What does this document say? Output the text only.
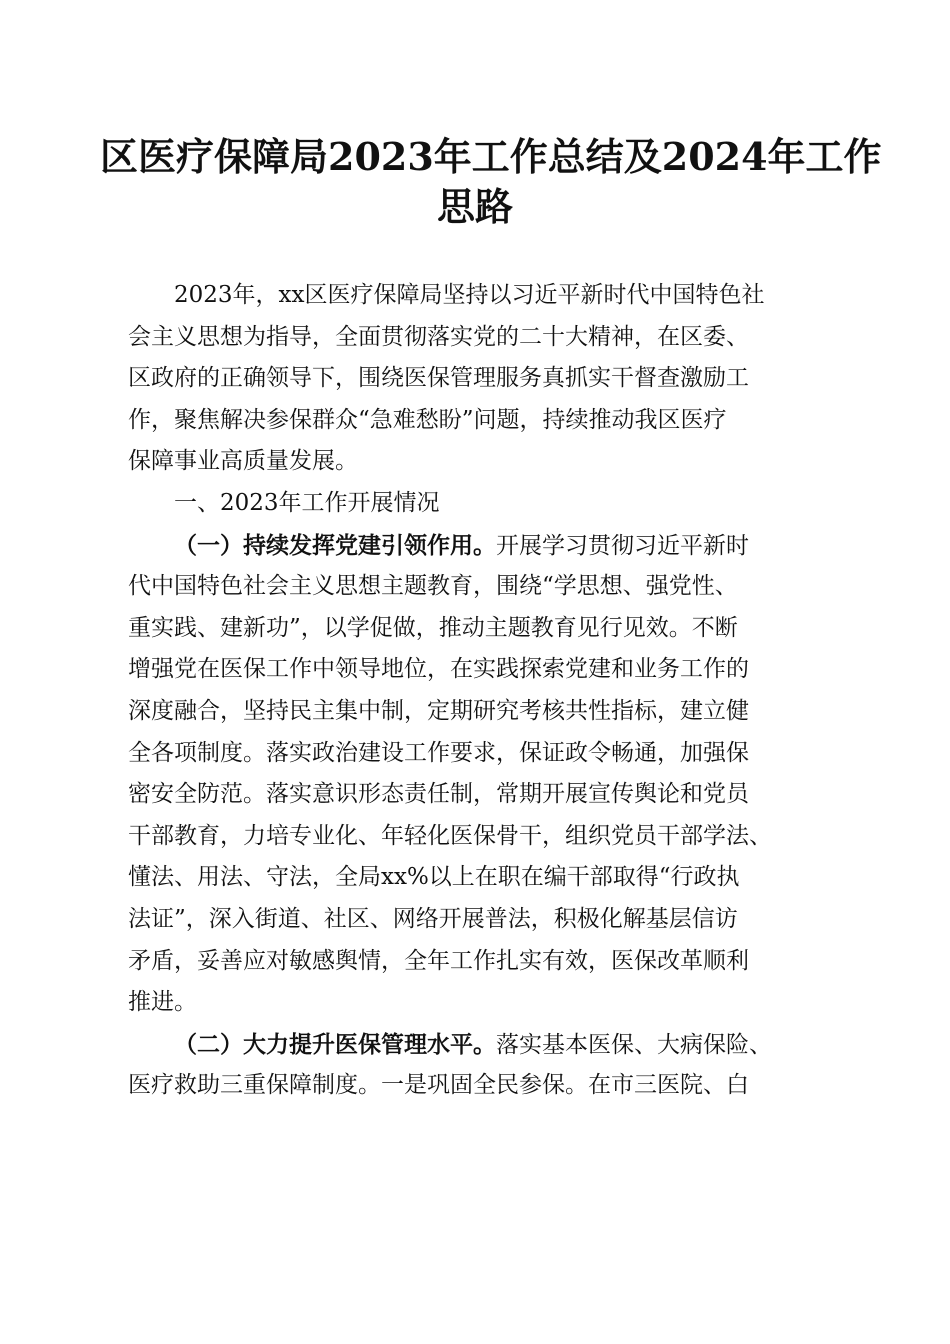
区医疗保障局2023年工作总结及2024年工作
思路
2023年，xx区医疗保障局坚持以习近平新时代中国特色社
会主义思想为指导，全面贯彻落实党的二十大精神，在区委、
区政府的正确领导下，围绕医保管理服务真抓实干督查激励工
作，聚焦解决参保群众“急难愁盼”问题，持续推动我区医疗
保障事业高质量发展。
一、2023年工作开展情况
（一）持续发挥党建引领作用。开展学习贯彻习近平新时
代中国特色社会主义思想主题教育，围绕“学思想、强党性、
重实践、建新功”，以学促做，推动主题教育见行见效。不断
增强党在医保工作中领导地位，在实践探索党建和业务工作的
深度融合，坚持民主集中制，定期研究考核共性指标，建立健
全各项制度。落实政治建设工作要求，保证政令畅通，加强保
密安全防范。落实意识形态责任制，常期开展宣传舆论和党员
干部教育，力培专业化、年轻化医保骨干，组织党员干部学法、
懂法、用法、守法，全局xx%以上在职在编干部取得“行政执
法证”，深入街道、社区、网络开展普法，积极化解基层信访
矛盾，妥善应对敏感舆情，全年工作扎实有效，医保改革顺利
推进。
（二）大力提升医保管理水平。落实基本医保、大病保险、
医疗救助三重保障制度。一是巩固全民参保。在市三医院、白
